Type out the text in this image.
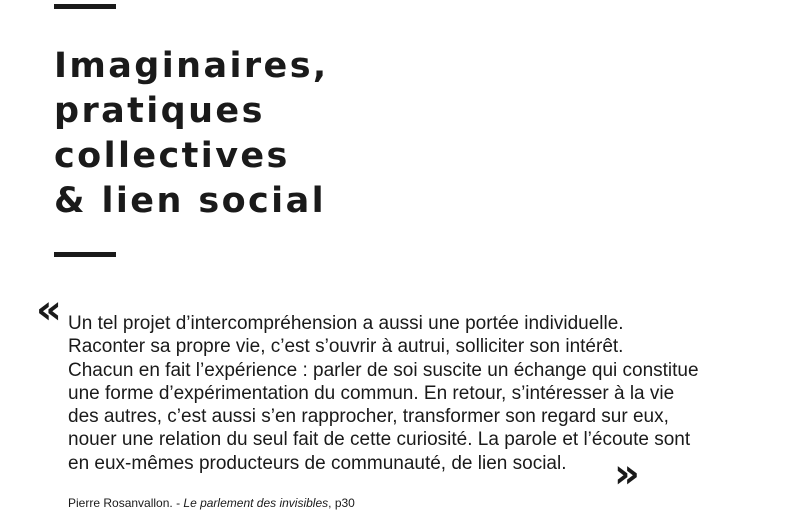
Imaginaires,
pratiques
collectives
& lien social
« Un tel projet d’intercompréhension a aussi une portée individuelle.
Raconter sa propre vie, c’est s’ouvrir à autrui, solliciter son intérêt.
Chacun en fait l’expérience : parler de soi suscite un échange qui constitue
une forme d’expérimentation du commun. En retour, s’intéresser à la vie
des autres, c’est aussi s’en rapprocher, transformer son regard sur eux,
nouer une relation du seul fait de cette curiosité. La parole et l’écoute sont
en eux-mêmes producteurs de communauté, de lien social.	»
Pierre Rosanvallon. - Le parlement des invisibles, p30
